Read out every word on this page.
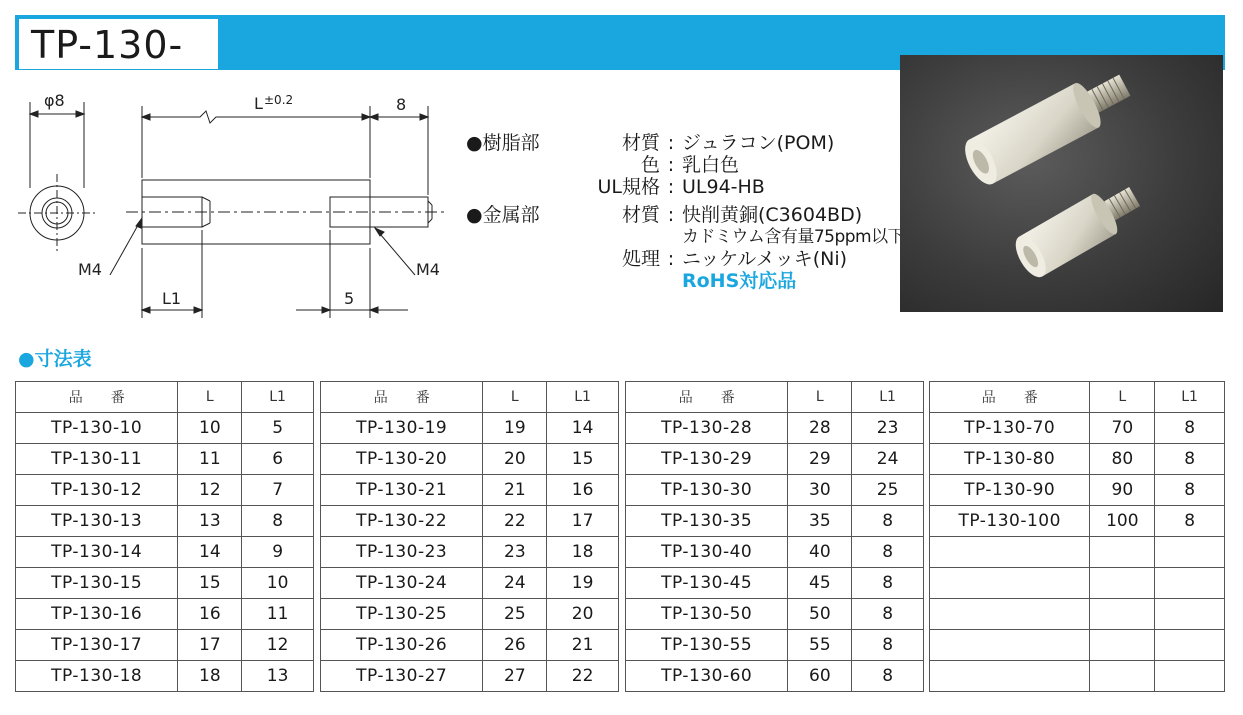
TP-130-
φ8	L ±0.2	8
M4	M4
L1	5
●樹脂部	材質 : ジュラコン(POM)
色 : 乳白色
UL規格 : UL94-HB
●金属部	材質 : 快削黄銅(C3604BD)
カドミウム含有量75ppm以下
処理 : ニッケルメッキ(Ni)
RoHS対応品
●寸法表
品　　番	L	L1
TP-130-10	10	5
TP-130-11	11	6
TP-130-12	12	7
TP-130-13	13	8
TP-130-14	14	9
TP-130-15	15	10
TP-130-16	16	11
TP-130-17	17	12
TP-130-18	18	13
品　　番	L	L1
TP-130-19	19	14
TP-130-20	20	15
TP-130-21	21	16
TP-130-22	22	17
TP-130-23	23	18
TP-130-24	24	19
TP-130-25	25	20
TP-130-26	26	21
TP-130-27	27	22
品　　番	L	L1
TP-130-28	28	23
TP-130-29	29	24
TP-130-30	30	25
TP-130-35	35	8
TP-130-40	40	8
TP-130-45	45	8
TP-130-50	50	8
TP-130-55	55	8
TP-130-60	60	8
品　　番	L	L1
TP-130-70	70	8
TP-130-80	80	8
TP-130-90	90	8
TP-130-100	100	8
